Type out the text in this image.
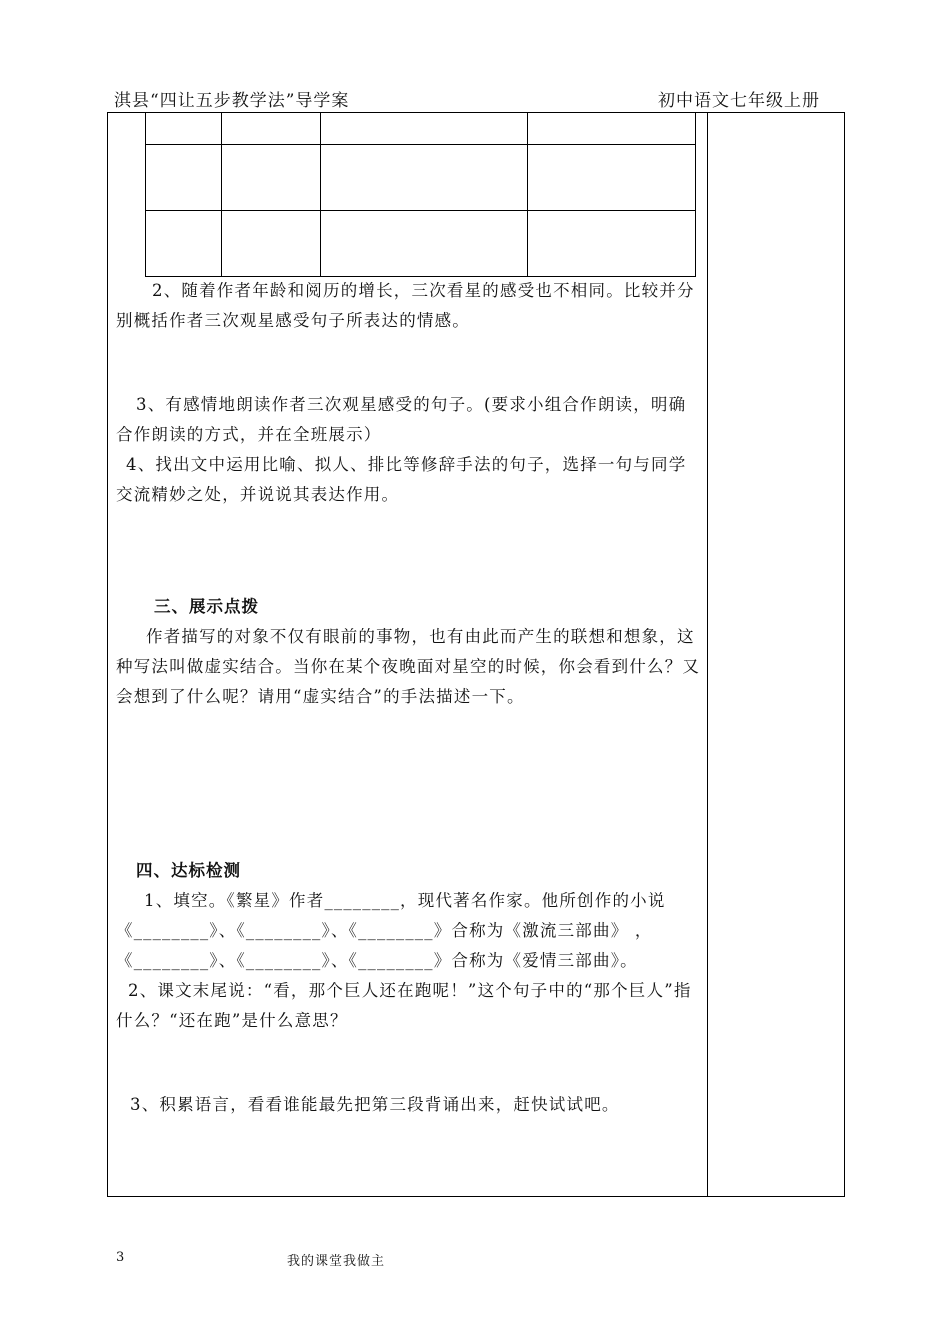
淇县“四让五步教学法”导学案	初中语文七年级上册

2、随着作者年龄和阅历的增长，三次看星的感受也不相同。比较并分别概括作者三次观星感受句子所表达的情感。

3、有感情地朗读作者三次观星感受的句子。(要求小组合作朗读，明确合作朗读的方式，并在全班展示）

4、找出文中运用比喻、拟人、排比等修辞手法的句子，选择一句与同学交流精妙之处，并说说其表达作用。

三、展示点拨

作者描写的对象不仅有眼前的事物，也有由此而产生的联想和想象，这种写法叫做虚实结合。当你在某个夜晚面对星空的时候，你会看到什么？又会想到了什么呢？请用“虚实结合”的手法描述一下。

四、达标检测

1、填空。《繁星》作者________，现代著名作家。他所创作的小说《________》、《________》、《________》合称为《激流三部曲》 ，《________》、《________》、《________》合称为《爱情三部曲》。

2、课文末尾说：“看，那个巨人还在跑呢！”这个句子中的“那个巨人”指什么？“还在跑”是什么意思？

3、积累语言，看看谁能最先把第三段背诵出来，赶快试试吧。

3	我的课堂我做主
